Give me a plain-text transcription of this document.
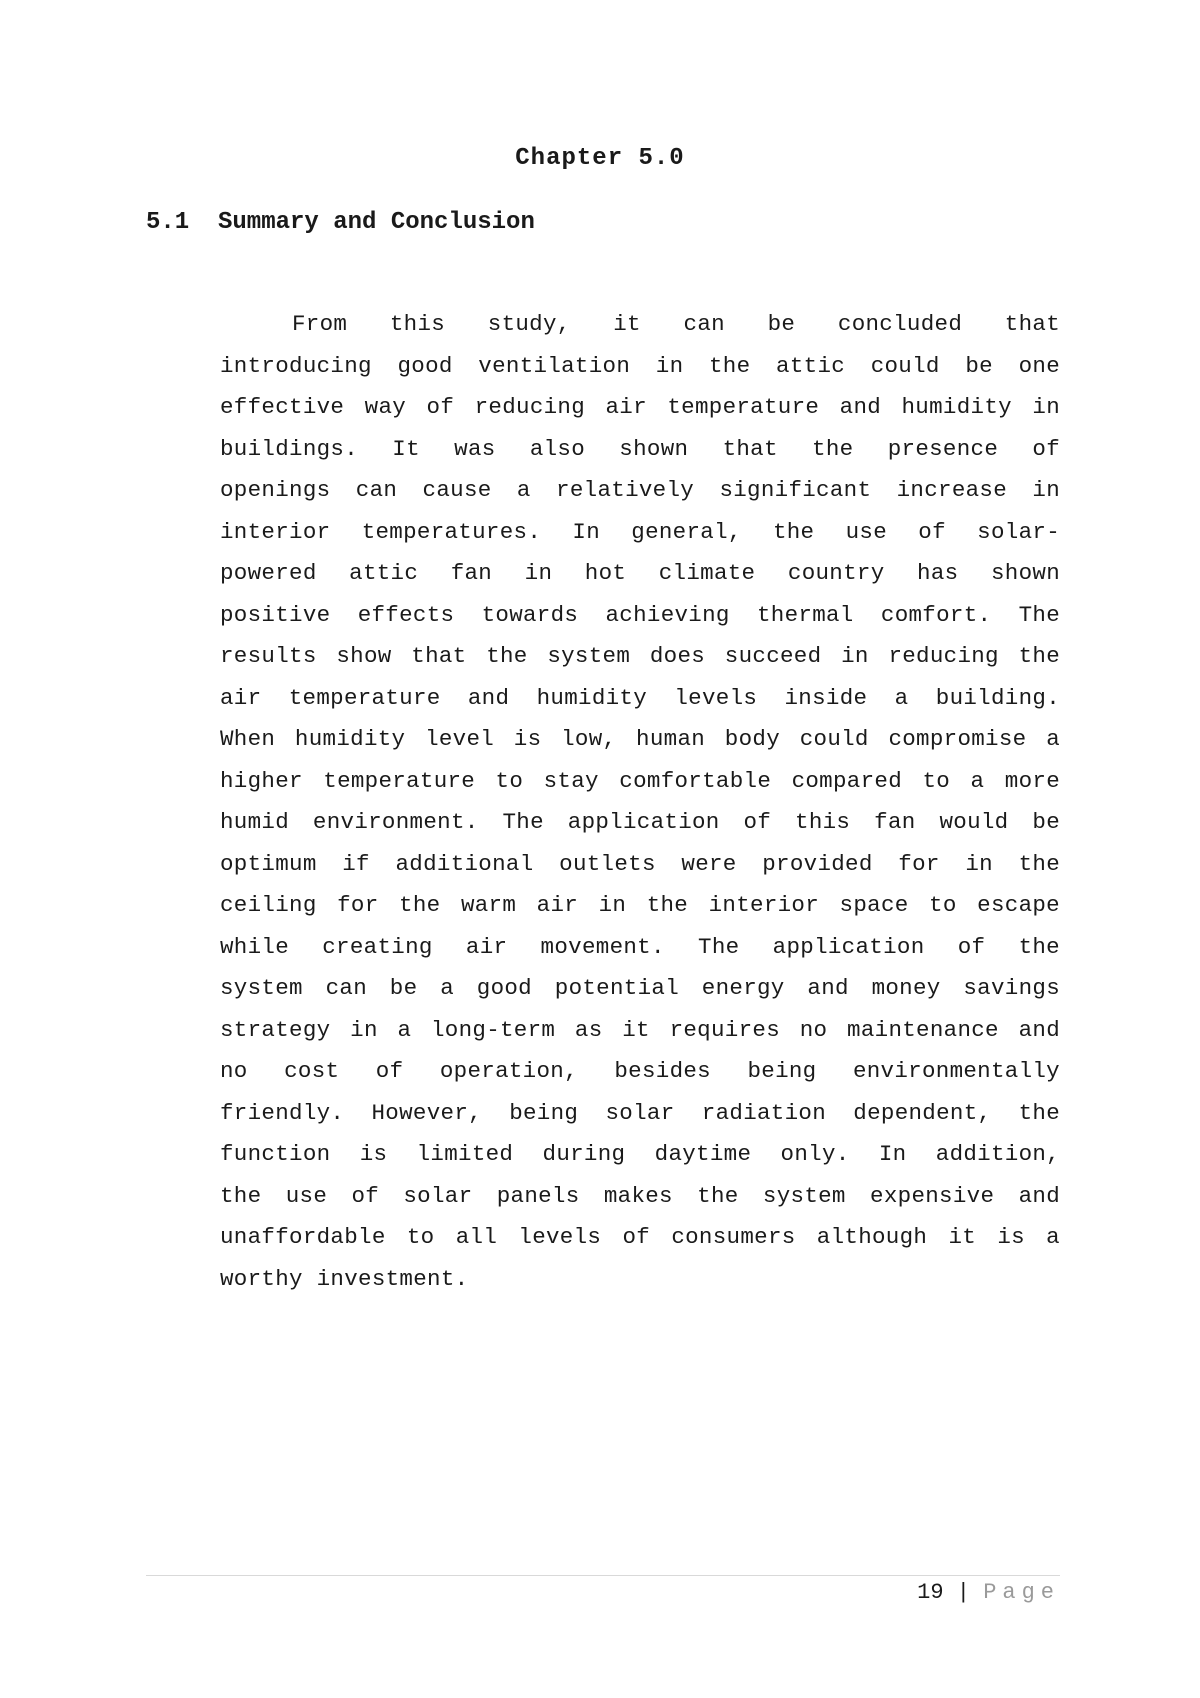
Chapter 5.0
5.1 Summary and Conclusion
From this study, it can be concluded that
introducing good ventilation in the attic could be one
effective way of reducing air temperature and humidity in
buildings. It was also shown that the presence of
openings can cause a relatively significant increase in
interior temperatures. In general, the use of solar-
powered attic fan in hot climate country has shown
positive effects towards achieving thermal comfort. The
results show that the system does succeed in reducing the
air temperature and humidity levels inside a building.
When humidity level is low, human body could compromise a
higher temperature to stay comfortable compared to a more
humid environment. The application of this fan would be
optimum if additional outlets were provided for in the
ceiling for the warm air in the interior space to escape
while creating air movement. The application of the
system can be a good potential energy and money savings
strategy in a long-term as it requires no maintenance and
no cost of operation, besides being environmentally
friendly. However, being solar radiation dependent, the
function is limited during daytime only. In addition,
the use of solar panels makes the system expensive and
unaffordable to all levels of consumers although it is a
worthy investment.
19 | Page
